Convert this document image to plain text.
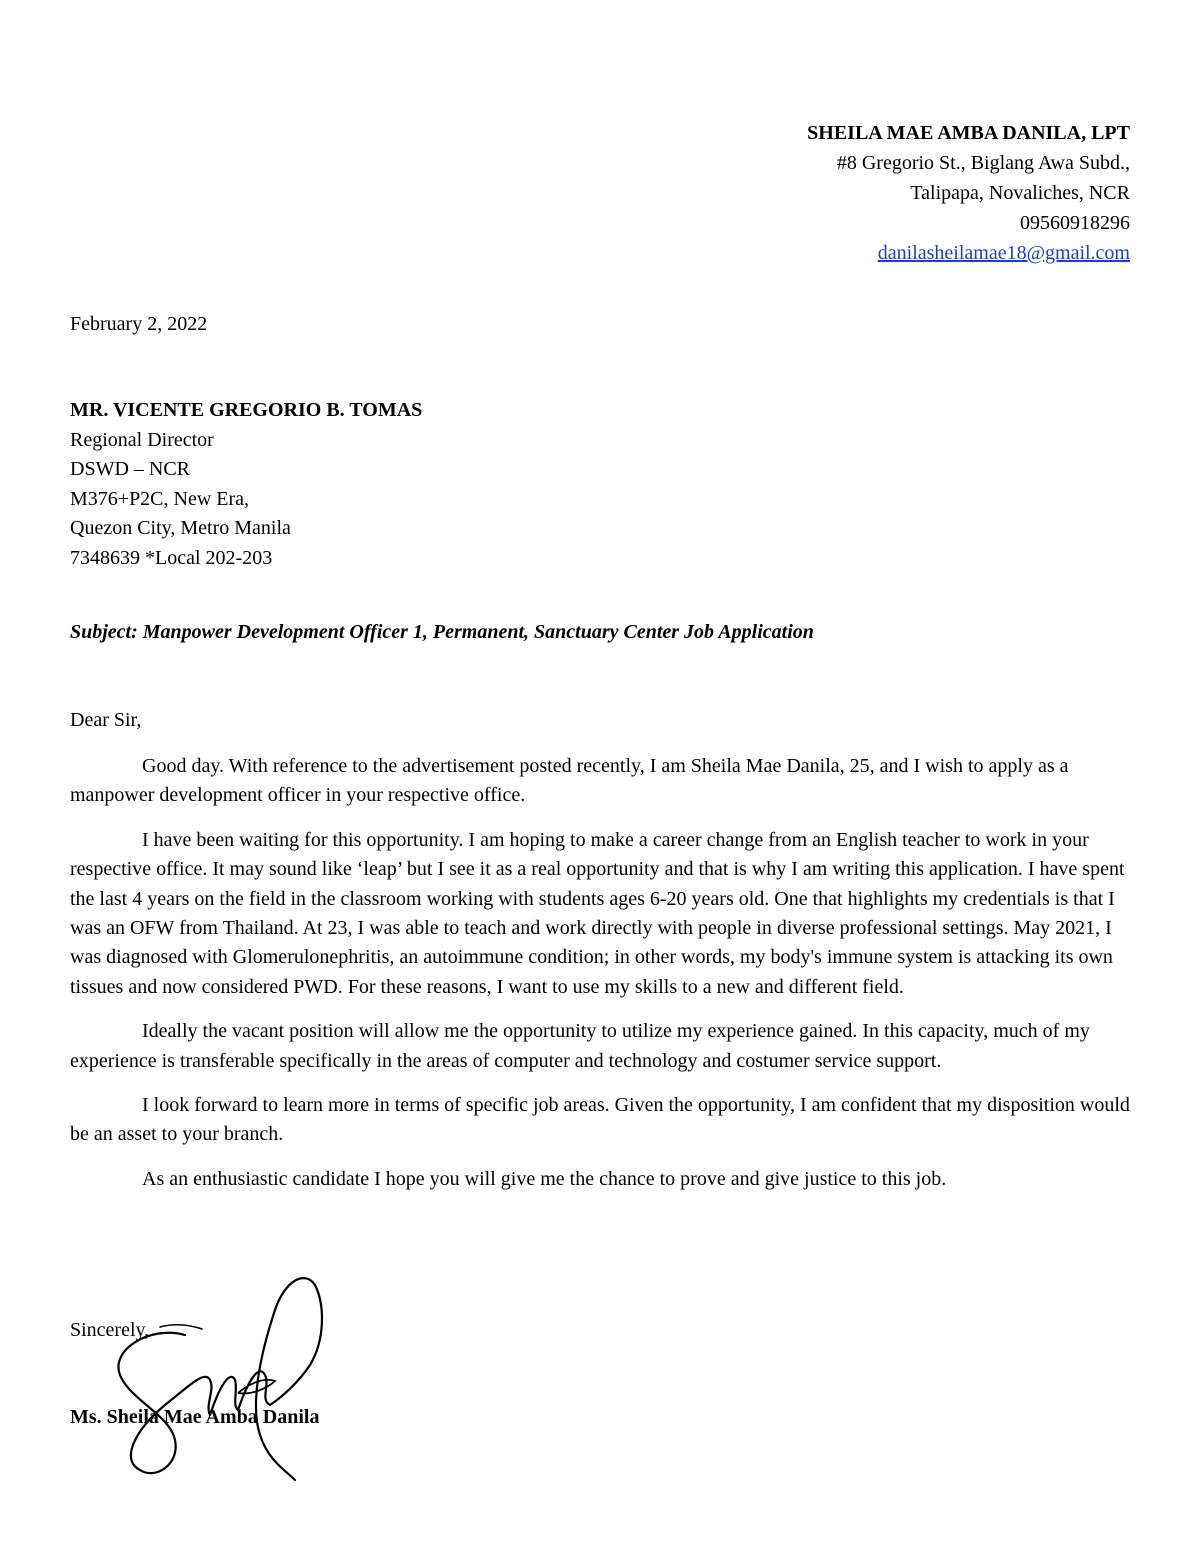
SHEILA MAE AMBA DANILA, LPT
#8 Gregorio St., Biglang Awa Subd.,
Talipapa, Novaliches, NCR
09560918296
danilasheilamae18@gmail.com
February 2, 2022
MR. VICENTE GREGORIO B. TOMAS
Regional Director
DSWD – NCR
M376+P2C, New Era,
Quezon City, Metro Manila
7348639 *Local 202-203
Subject: Manpower Development Officer 1, Permanent, Sanctuary Center Job Application
Dear Sir,

Good day. With reference to the advertisement posted recently, I am Sheila Mae Danila, 25, and I wish to apply as a manpower development officer in your respective office.

I have been waiting for this opportunity. I am hoping to make a career change from an English teacher to work in your respective office. It may sound like ‘leap’ but I see it as a real opportunity and that is why I am writing this application. I have spent the last 4 years on the field in the classroom working with students ages 6-20 years old. One that highlights my credentials is that I was an OFW from Thailand. At 23, I was able to teach and work directly with people in diverse professional settings. May 2021, I was diagnosed with Glomerulonephritis, an autoimmune condition; in other words, my body's immune system is attacking its own tissues and now considered PWD. For these reasons, I want to use my skills to a new and different field.

Ideally the vacant position will allow me the opportunity to utilize my experience gained. In this capacity, much of my experience is transferable specifically in the areas of computer and technology and costumer service support.

I look forward to learn more in terms of specific job areas. Given the opportunity, I am confident that my disposition would be an asset to your branch.

As an enthusiastic candidate I hope you will give me the chance to prove and give justice to this job.

Sincerely,
Ms. Sheila Mae Amba Danila
